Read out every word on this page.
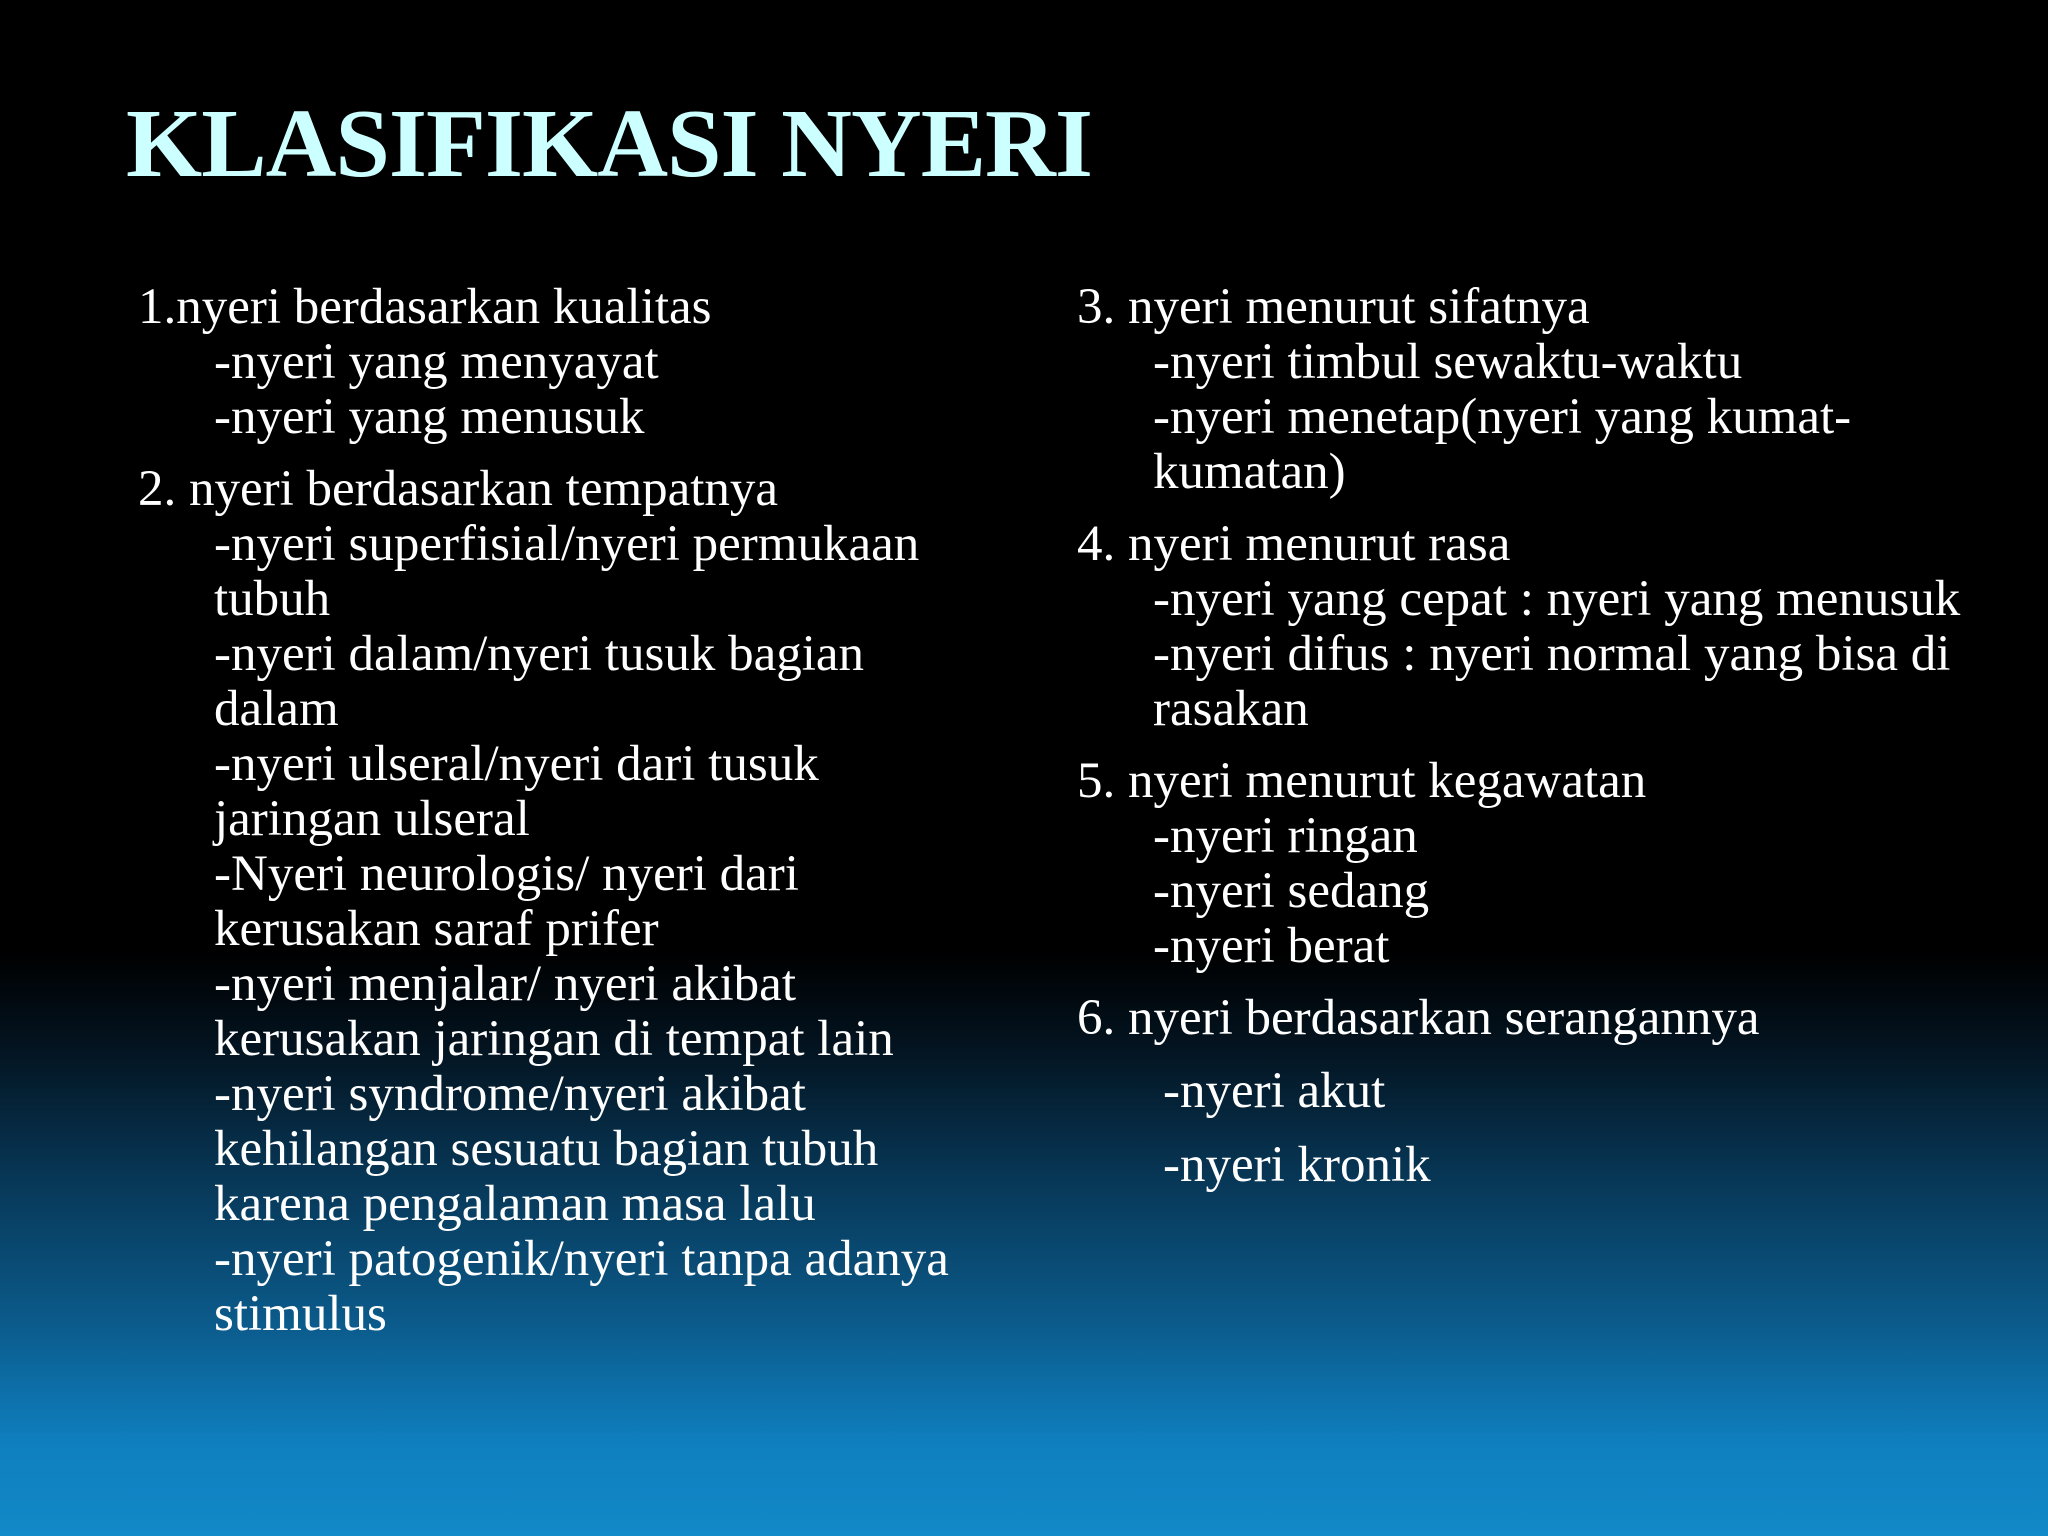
KLASIFIKASI NYERI
1.nyeri berdasarkan kualitas
-nyeri yang menyayat
-nyeri yang menusuk
2. nyeri berdasarkan tempatnya
-nyeri superfisial/nyeri permukaan tubuh
-nyeri dalam/nyeri tusuk bagian dalam
-nyeri ulseral/nyeri dari tusuk jaringan ulseral
-Nyeri neurologis/ nyeri dari kerusakan saraf prifer
-nyeri menjalar/ nyeri akibat kerusakan jaringan di tempat lain
-nyeri syndrome/nyeri akibat kehilangan sesuatu bagian tubuh karena pengalaman masa lalu
-nyeri patogenik/nyeri tanpa adanya stimulus
3. nyeri menurut sifatnya
-nyeri timbul sewaktu-waktu
-nyeri menetap(nyeri yang kumat-kumatan)
4. nyeri menurut rasa
-nyeri yang cepat : nyeri yang menusuk
-nyeri difus : nyeri normal yang bisa di rasakan
5. nyeri menurut kegawatan
-nyeri ringan
-nyeri sedang
-nyeri berat
6. nyeri berdasarkan serangannya
-nyeri akut
-nyeri kronik
